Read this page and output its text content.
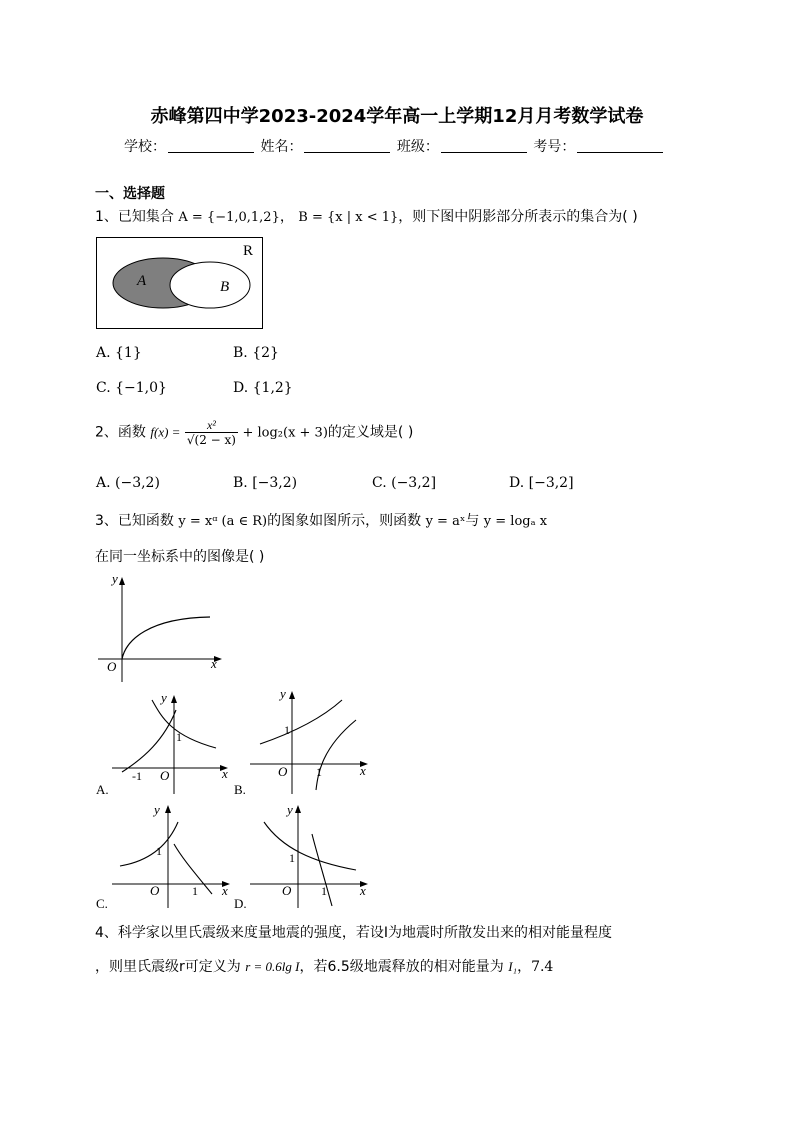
赤峰第四中学2023-2024学年高一上学期12月月考数学试卷
学校：	姓名：	班级：	考号：
一、选择题
1、已知集合 A = {−1,0,1,2}， B = {x | x < 1}，则下图中阴影部分所表示的集合为( )
R
A	B
A. {1}	B. {2}
C. {−1,0}	D. {1,2}
2、函数 $f(x) = \frac{\text{x²}}{√(2 - x)} + \log_2(x + 3)$的定义域是( )
A. (−3,2)	B. [−3,2)	C. (−3,2]	D. [−3,2]
3、已知函数 y = xᵅ (a ∈ R)的图象如图所示，则函数 y = aˣ与 y = logₐ x
在同一坐标系中的图像是( )
y
x
O
y
x
O
1
-1
A.
y
x
O
1
1
B.
y
x
O
1
1
C.
y
x
O
1
1
D.
4、科学家以里氏震级来度量地震的强度，若设I为地震时所散发出来的相对能量程度
，则里氏震级r可定义为 r = 0.6lg I，若6.5级地震释放的相对能量为 I₁，7.4
